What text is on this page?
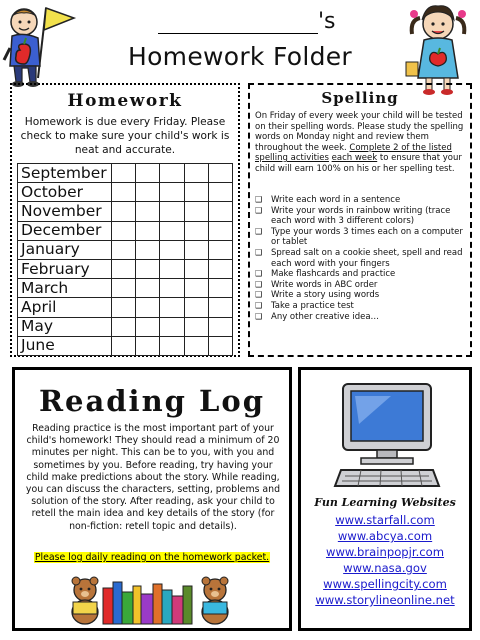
's
Homework Folder
Homework
Homework is due every Friday. Please check to make sure your child's work is neat and accurate.
September					
October					
November					
December					
January					
February					
March					
April					
May					
June					
Spelling
On Friday of every week your child will be tested on their spelling words. Please study the spelling words on Monday night and review them throughout the week. Complete 2 of the listed spelling activities each week to ensure that your child will earn 100% on his or her spelling test.
❑	Write each word in a sentence
❑	Write your words in rainbow writing (trace each word with 3 different colors)
❑	Type your words 3 times each on a computer or tablet
❑	Spread salt on a cookie sheet, spell and read each word with your fingers
❑	Make flashcards and practice
❑	Write words in ABC order
❑	Write a story using words
❑	Take a practice test
❑	Any other creative idea…
Reading Log
Reading practice is the most important part of your child's homework! They should read a minimum of 20 minutes per night. This can be to you, with you and sometimes by you. Before reading, try having your child make predictions about the story. While reading, you can discuss the characters, setting, problems and solution of the story. After reading, ask your child to retell the main idea and key details of the story (for non-fiction: retell topic and details).
Please log daily reading on the homework packet.
Fun Learning Websites
www.starfall.com
www.abcya.com
www.brainpopjr.com
www.nasa.gov
www.spellingcity.com
www.storylineonline.net
